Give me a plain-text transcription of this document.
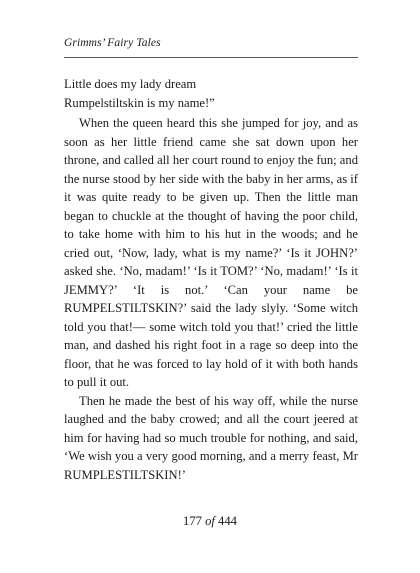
Grimms’ Fairy Tales

Little does my lady dream
Rumpelstiltskin is my name!”

When the queen heard this she jumped for joy, and as soon as her little friend came she sat down upon her throne, and called all her court round to enjoy the fun; and the nurse stood by her side with the baby in her arms, as if it was quite ready to be given up. Then the little man began to chuckle at the thought of having the poor child, to take home with him to his hut in the woods; and he cried out, ‘Now, lady, what is my name?’ ‘Is it JOHN?’ asked she. ‘No, madam!’ ‘Is it TOM?’ ‘No, madam!’ ‘Is it JEMMY?’ ‘It is not.’ ‘Can your name be RUMPELSTILTSKIN?’ said the lady slyly. ‘Some witch told you that!— some witch told you that!’ cried the little man, and dashed his right foot in a rage so deep into the floor, that he was forced to lay hold of it with both hands to pull it out.

Then he made the best of his way off, while the nurse laughed and the baby crowed; and all the court jeered at him for having had so much trouble for nothing, and said, ‘We wish you a very good morning, and a merry feast, Mr RUMPLESTILTSKIN!’

177 of 444
